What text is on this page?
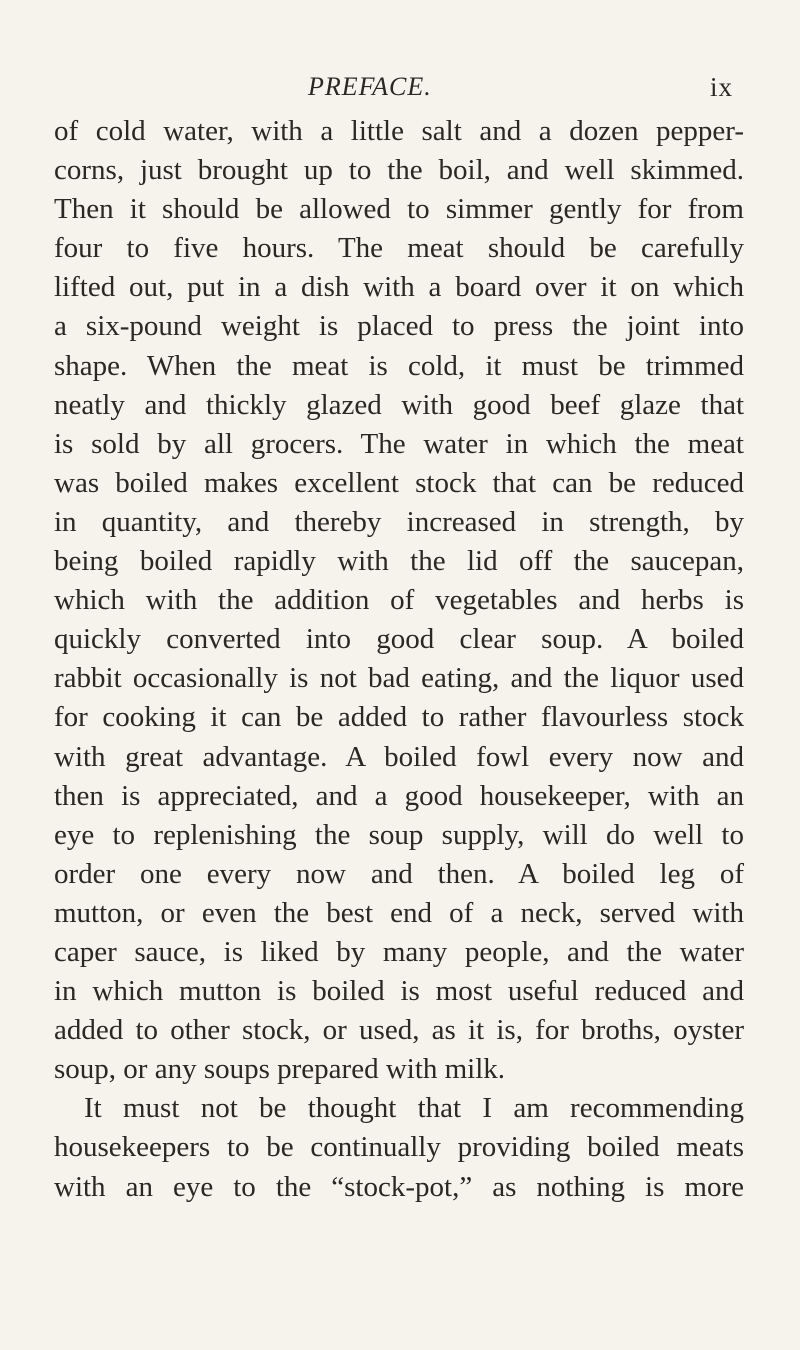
PREFACE.	ix
of cold water, with a little salt and a dozen pepper-
corns, just brought up to the boil, and well skimmed.
Then it should be allowed to simmer gently for from
four to five hours. The meat should be carefully
lifted out, put in a dish with a board over it on which
a six-pound weight is placed to press the joint into
shape. When the meat is cold, it must be trimmed
neatly and thickly glazed with good beef glaze that
is sold by all grocers. The water in which the meat
was boiled makes excellent stock that can be reduced
in quantity, and thereby increased in strength, by
being boiled rapidly with the lid off the saucepan,
which with the addition of vegetables and herbs is
quickly converted into good clear soup. A boiled
rabbit occasionally is not bad eating, and the liquor used
for cooking it can be added to rather flavourless stock
with great advantage. A boiled fowl every now and
then is appreciated, and a good housekeeper, with an
eye to replenishing the soup supply, will do well to
order one every now and then. A boiled leg of
mutton, or even the best end of a neck, served with
caper sauce, is liked by many people, and the water
in which mutton is boiled is most useful reduced and
added to other stock, or used, as it is, for broths, oyster
soup, or any soups prepared with milk.
It must not be thought that I am recommending
housekeepers to be continually providing boiled meats
with an eye to the “stock-pot,” as nothing is more
